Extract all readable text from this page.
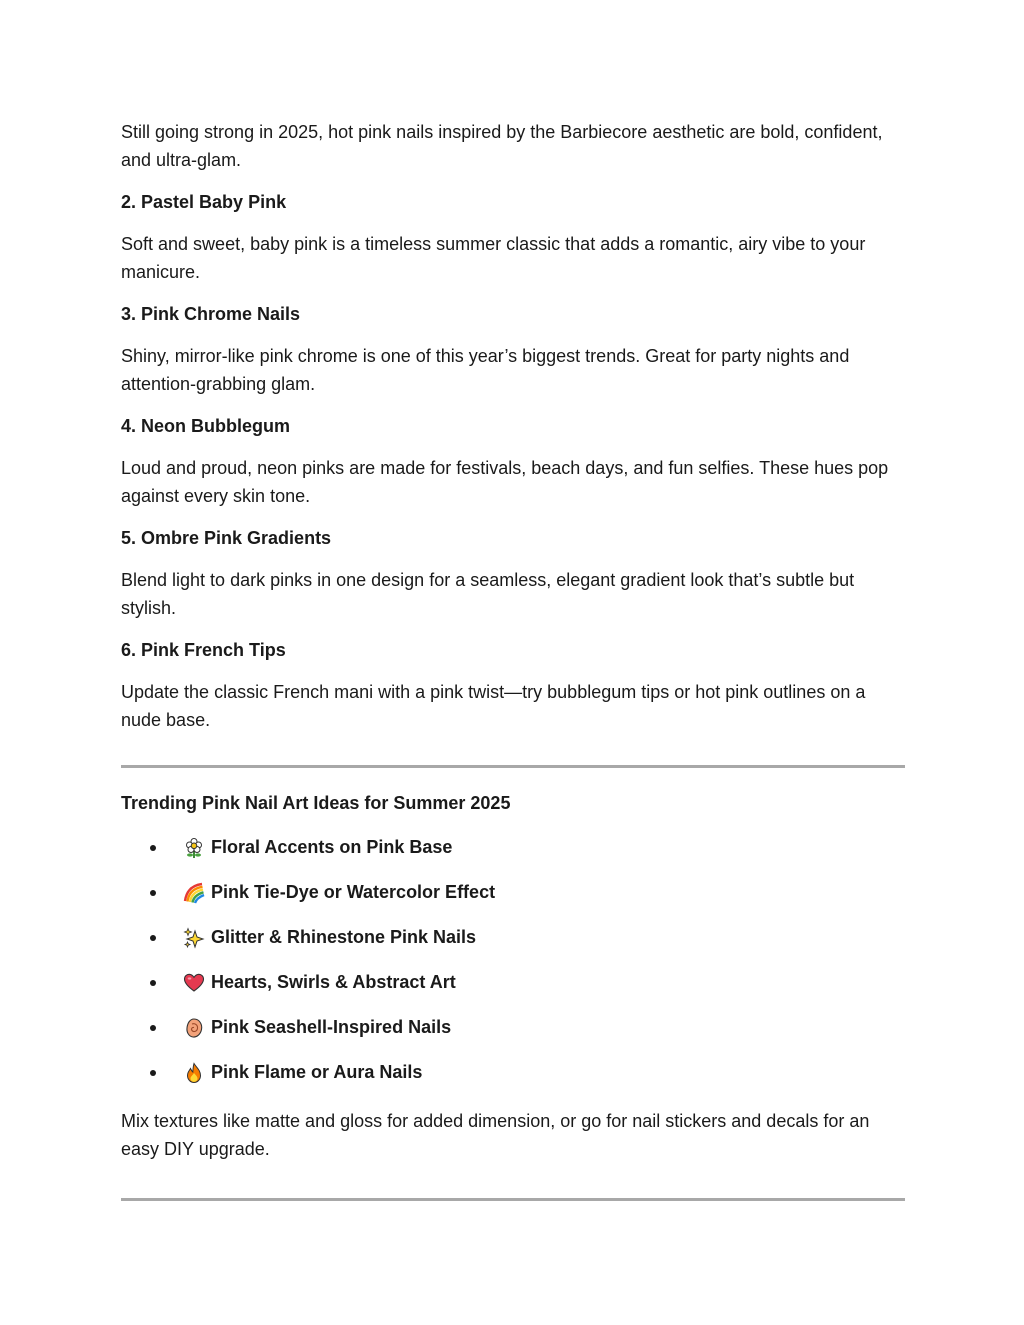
Still going strong in 2025, hot pink nails inspired by the Barbiecore aesthetic are bold, confident, and ultra-glam.

2. Pastel Baby Pink

Soft and sweet, baby pink is a timeless summer classic that adds a romantic, airy vibe to your manicure.

3. Pink Chrome Nails

Shiny, mirror-like pink chrome is one of this year’s biggest trends. Great for party nights and attention-grabbing glam.

4. Neon Bubblegum

Loud and proud, neon pinks are made for festivals, beach days, and fun selfies. These hues pop against every skin tone.

5. Ombre Pink Gradients

Blend light to dark pinks in one design for a seamless, elegant gradient look that’s subtle but stylish.

6. Pink French Tips

Update the classic French mani with a pink twist—try bubblegum tips or hot pink outlines on a nude base.

Trending Pink Nail Art Ideas for Summer 2025

Floral Accents on Pink Base
Pink Tie-Dye or Watercolor Effect
Glitter & Rhinestone Pink Nails
Hearts, Swirls & Abstract Art
Pink Seashell-Inspired Nails
Pink Flame or Aura Nails

Mix textures like matte and gloss for added dimension, or go for nail stickers and decals for an easy DIY upgrade.
